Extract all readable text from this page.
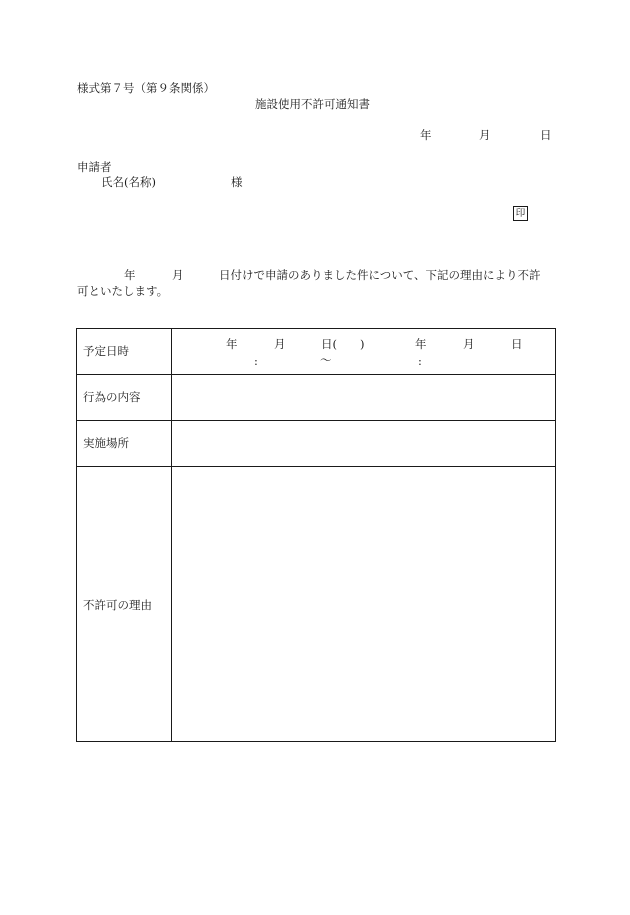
様式第７号（第９条関係）
施設使用不許可通知書
年	月	日
申請者
氏名(名称)	様
印
年	月	日付けで申請のありました件について、下記の理由により不許
可といたします。
予定日時	年	月	日( )	年	月	日
:	～	:
行為の内容
実施場所
不許可の理由
